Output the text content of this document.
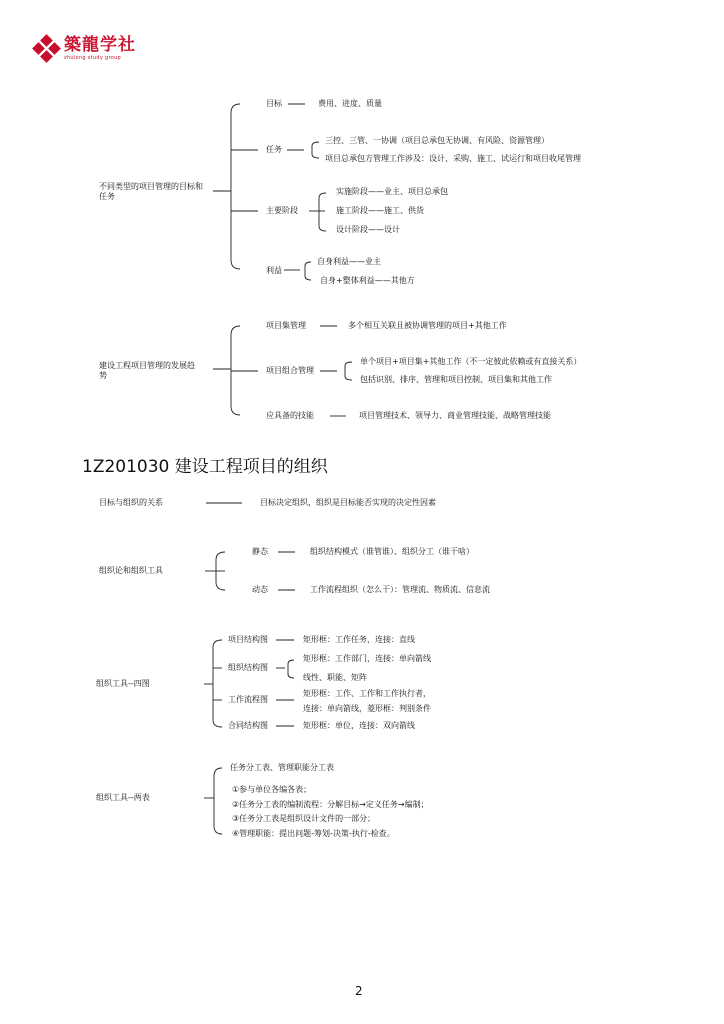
築龍学社
zhulong study group
不同类型的项目管理的目标和
任务
目标	费用、进度、质量
任务
三控、三管、一协调（项目总承包无协调、有风险、资源管理）
项目总承包方管理工作涉及：设计、采购、施工、试运行和项目收尾管理
主要阶段
实施阶段——业主、项目总承包
施工阶段——施工、供货
设计阶段——设计
利益
自身利益——业主
自身+整体利益——其他方
建设工程项目管理的发展趋
势
项目集管理	多个相互关联且被协调管理的项目+其他工作
项目组合管理
单个项目+项目集+其他工作（不一定彼此依赖或有直接关系）
包括识别、排序、管理和项目控制、项目集和其他工作
应具备的技能	项目管理技术、领导力、商业管理技能、战略管理技能
1Z201030 建设工程项目的组织
目标与组织的关系	目标决定组织，组织是目标能否实现的决定性因素
组织论和组织工具
静态	组织结构模式（谁管谁）、组织分工（谁干啥）
动态	工作流程组织（怎么干）：管理流、物质流、信息流
组织工具--四图
项目结构图	矩形框：工作任务，连接：直线
组织结构图
矩形框：工作部门，连接：单向箭线
线性、职能、矩阵
工作流程图
矩形框：工作、工作和工作执行者，
连接：单向箭线，菱形框：判别条件
合同结构图	矩形框：单位，连接：双向箭线
组织工具--两表
任务分工表、管理职能分工表
①参与单位各编各表；
②任务分工表的编制流程：分解目标→定义任务→编制；
③任务分工表是组织设计文件的一部分；
④管理职能：提出问题-筹划-决策-执行-检查。
2
